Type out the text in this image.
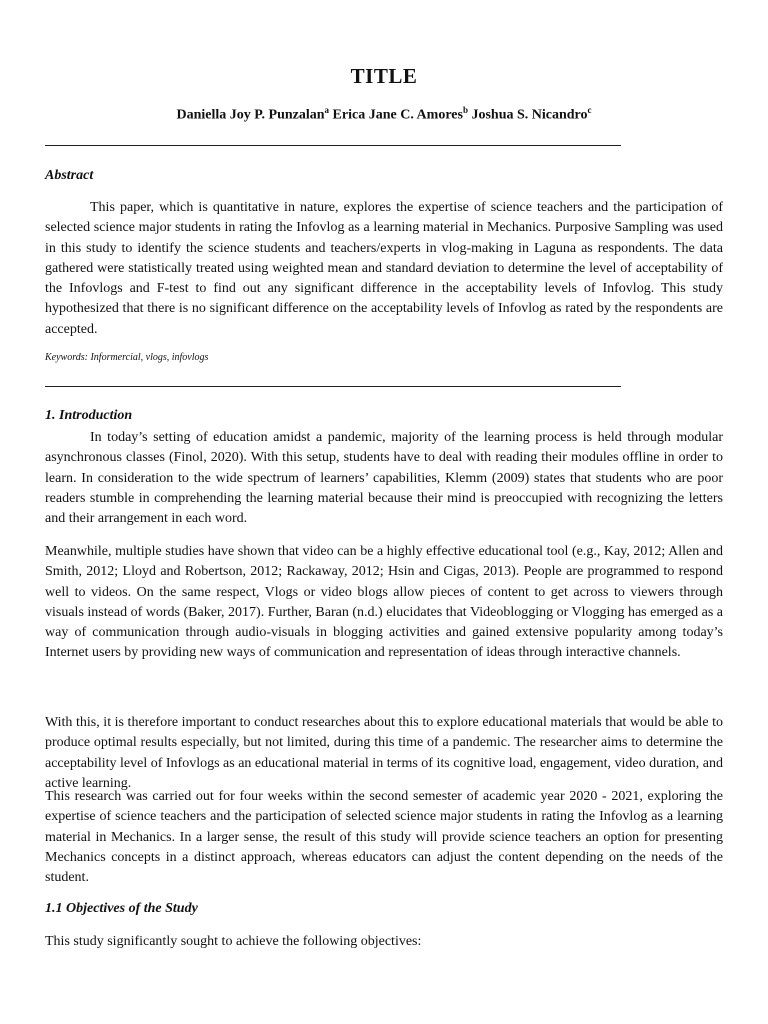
TITLE
Daniella Joy P. Punzalan$^a$ Erica Jane C. Amores$^b$ Joshua S. Nicandro$^c$
Abstract

This paper, which is quantitative in nature, explores the expertise of science teachers and the participation of selected science major students in rating the Infovlog as a learning material in Mechanics. Purposive Sampling was used in this study to identify the science students and teachers/experts in vlog-making in Laguna as respondents. The data gathered were statistically treated using weighted mean and standard deviation to determine the level of acceptability of the Infovlogs and F-test to find out any significant difference in the acceptability levels of Infovlog. This study hypothesized that there is no significant difference on the acceptability levels of Infovlog as rated by the respondents are accepted.

Keywords: Informercial, vlogs, infovlogs
1. Introduction

In today’s setting of education amidst a pandemic, majority of the learning process is held through modular asynchronous classes (Finol, 2020). With this setup, students have to deal with reading their modules offline in order to learn. In consideration to the wide spectrum of learners’ capabilities, Klemm (2009) states that students who are poor readers stumble in comprehending the learning material because their mind is preoccupied with recognizing the letters and their arrangement in each word.

Meanwhile, multiple studies have shown that video can be a highly effective educational tool (e.g., Kay, 2012; Allen and Smith, 2012; Lloyd and Robertson, 2012; Rackaway, 2012; Hsin and Cigas, 2013). People are programmed to respond well to videos. On the same respect, Vlogs or video blogs allow pieces of content to get across to viewers through visuals instead of words (Baker, 2017). Further, Baran (n.d.) elucidates that Videoblogging or Vlogging has emerged as a way of communication through audio-visuals in blogging activities and gained extensive popularity among today’s Internet users by providing new ways of communication and representation of ideas through interactive channels.

With this, it is therefore important to conduct researches about this to explore educational materials that would be able to produce optimal results especially, but not limited, during this time of a pandemic. The researcher aims to determine the acceptability level of Infovlogs as an educational material in terms of its cognitive load, engagement, video duration, and active learning.

This research was carried out for four weeks within the second semester of academic year 2020 - 2021, exploring the expertise of science teachers and the participation of selected science major students in rating the Infovlog as a learning material in Mechanics. In a larger sense, the result of this study will provide science teachers an option for presenting Mechanics concepts in a distinct approach, whereas educators can adjust the content depending on the needs of the student.

1.1 Objectives of the Study

This study significantly sought to achieve the following objectives:
